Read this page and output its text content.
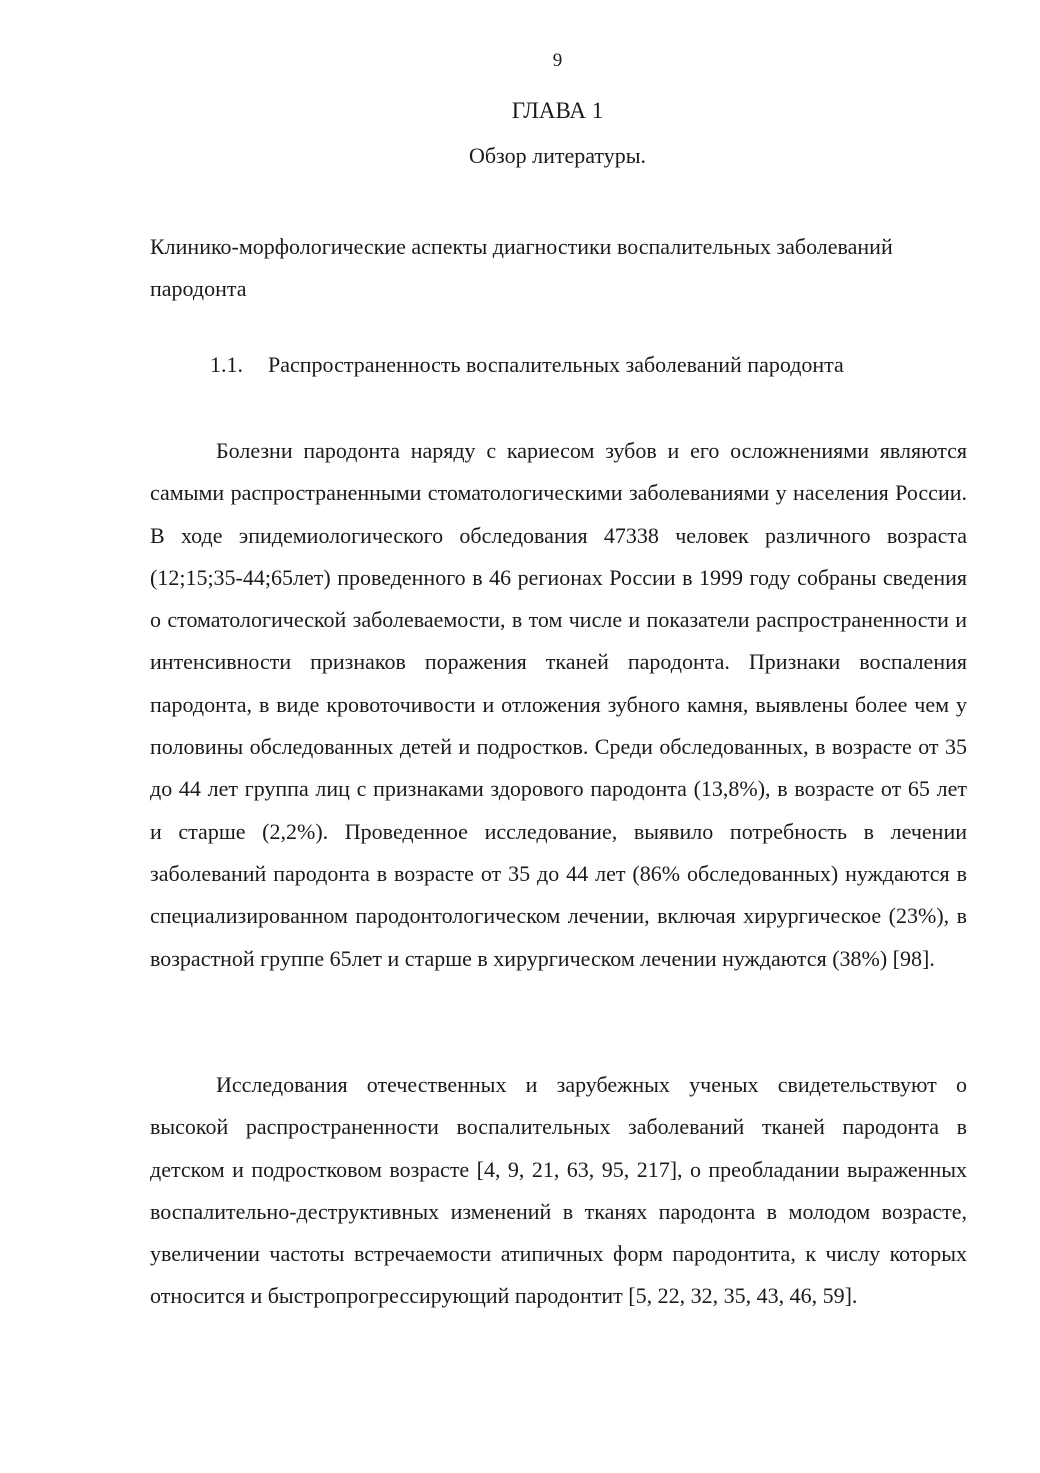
9
ГЛАВА 1
Обзор литературы.
Клинико-морфологические аспекты диагностики воспалительных заболеваний пародонта
1.1. Распространенность воспалительных заболеваний пародонта

Болезни пародонта наряду с кариесом зубов и его осложнениями являются самыми распространенными стоматологическими заболеваниями у населения России. В ходе эпидемиологического обследования 47338 человек различного возраста (12;15;35-44;65лет) проведенного в 46 регионах России в 1999 году собраны сведения о стоматологической заболеваемости, в том числе и показатели распространенности и интенсивности признаков поражения тканей пародонта. Признаки воспаления пародонта, в виде кровоточивости и отложения зубного камня, выявлены более чем у половины обследованных детей и подростков. Среди обследованных, в возрасте от 35 до 44 лет группа лиц с признаками здорового пародонта (13,8%), в возрасте от 65 лет и старше (2,2%). Проведенное исследование, выявило потребность в лечении заболеваний пародонта в возрасте от 35 до 44 лет (86% обследованных) нуждаются в специализированном пародонтологическом лечении, включая хирургическое (23%), в возрастной группе 65лет и старше в хирургическом лечении нуждаются (38%) [98].

Исследования отечественных и зарубежных ученых свидетельствуют о высокой распространенности воспалительных заболеваний тканей пародонта в детском и подростковом возрасте [4, 9, 21, 63, 95, 217], о преобладании выраженных воспалительно-деструктивных изменений в тканях пародонта в молодом возрасте, увеличении частоты встречаемости атипичных форм пародонтита, к числу которых относится и быстропрогрессирующий пародонтит [5, 22, 32, 35, 43, 46, 59].
